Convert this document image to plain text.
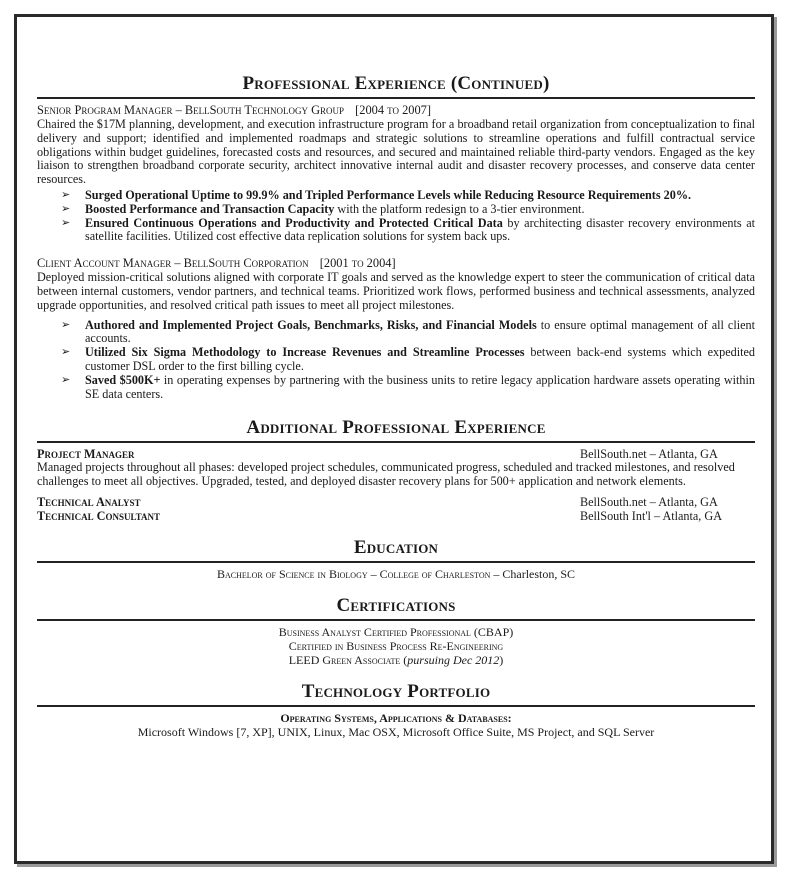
Professional Experience (Continued)
Senior Program Manager – BellSouth Technology Group [2004 to 2007]

Chaired the $17M planning, development, and execution infrastructure program for a broadband retail organization from conceptualization to final delivery and support; identified and implemented roadmaps and strategic solutions to streamline operations and fulfill contractual service obligations within budget guidelines, forecasted costs and resources, and secured and maintained reliable third-party vendors. Engaged as the key liaison to strengthen broadband corporate security, architect innovative internal audit and disaster recovery processes, and conserve data center resources.

➢ Surged Operational Uptime to 99.9% and Tripled Performance Levels while Reducing Resource Requirements 20%.
➢ Boosted Performance and Transaction Capacity with the platform redesign to a 3-tier environment.
➢ Ensured Continuous Operations and Productivity and Protected Critical Data by architecting disaster recovery environments at satellite facilities. Utilized cost effective data replication solutions for system back ups.
Client Account Manager – BellSouth Corporation [2001 to 2004]

Deployed mission-critical solutions aligned with corporate IT goals and served as the knowledge expert to steer the communication of critical data between internal customers, vendor partners, and technical teams. Prioritized work flows, performed business and technical assessments, analyzed upgrade opportunities, and resolved critical path issues to meet all project milestones.

➢ Authored and Implemented Project Goals, Benchmarks, Risks, and Financial Models to ensure optimal management of all client accounts.
➢ Utilized Six Sigma Methodology to Increase Revenues and Streamline Processes between back-end systems which expedited customer DSL order to the first billing cycle.
➢ Saved $500K+ in operating expenses by partnering with the business units to retire legacy application hardware assets operating within SE data centers.
Additional Professional Experience
Project Manager	BellSouth.net – Atlanta, GA

Managed projects throughout all phases: developed project schedules, communicated progress, scheduled and tracked milestones, and resolved challenges to meet all objectives. Upgraded, tested, and deployed disaster recovery plans for 500+ application and network elements.

Technical Analyst	BellSouth.net – Atlanta, GA
Technical Consultant	BellSouth Int'l – Atlanta, GA
Education
Bachelor of Science in Biology – College of Charleston – Charleston, SC
Certifications
Business Analyst Certified Professional (CBAP)
Certified in Business Process Re-Engineering
LEED Green Associate (pursuing Dec 2012)
Technology Portfolio
Operating Systems, Applications & Databases:
Microsoft Windows [7, XP], UNIX, Linux, Mac OSX, Microsoft Office Suite, MS Project, and SQL Server
